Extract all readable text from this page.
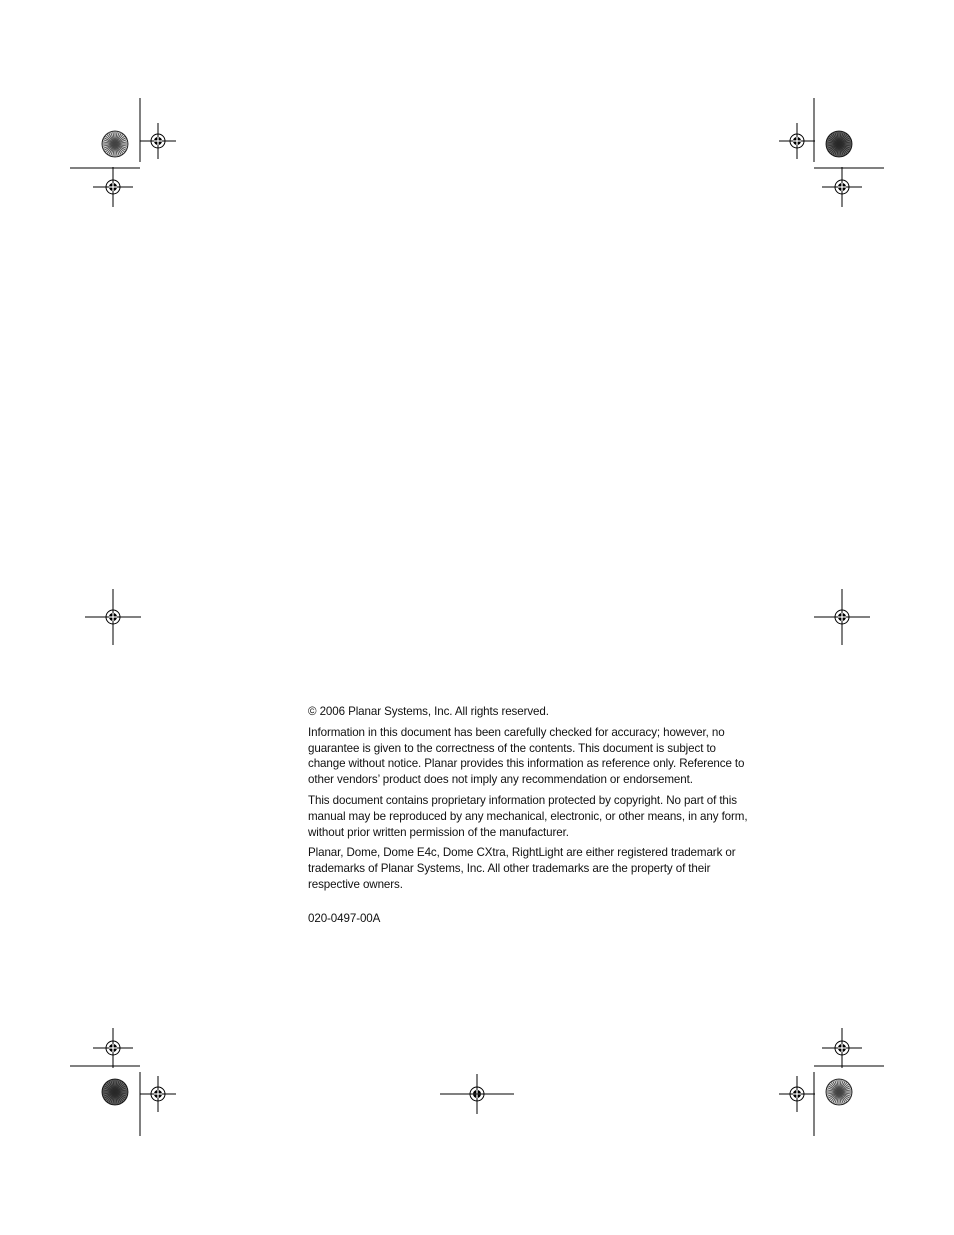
© 2006 Planar Systems, Inc. All rights reserved.

Information in this document has been carefully checked for accuracy; however, no guarantee is given to the correctness of the contents. This document is subject to change without notice. Planar provides this information as reference only. Reference to other vendors’ product does not imply any recommendation or endorsement.

This document contains proprietary information protected by copyright. No part of this manual may be reproduced by any mechanical, electronic, or other means, in any form, without prior written permission of the manufacturer.

Planar, Dome, Dome E4c, Dome CXtra, RightLight are either registered trademark or trademarks of Planar Systems, Inc. All other trademarks are the property of their respective owners.

020-0497-00A
